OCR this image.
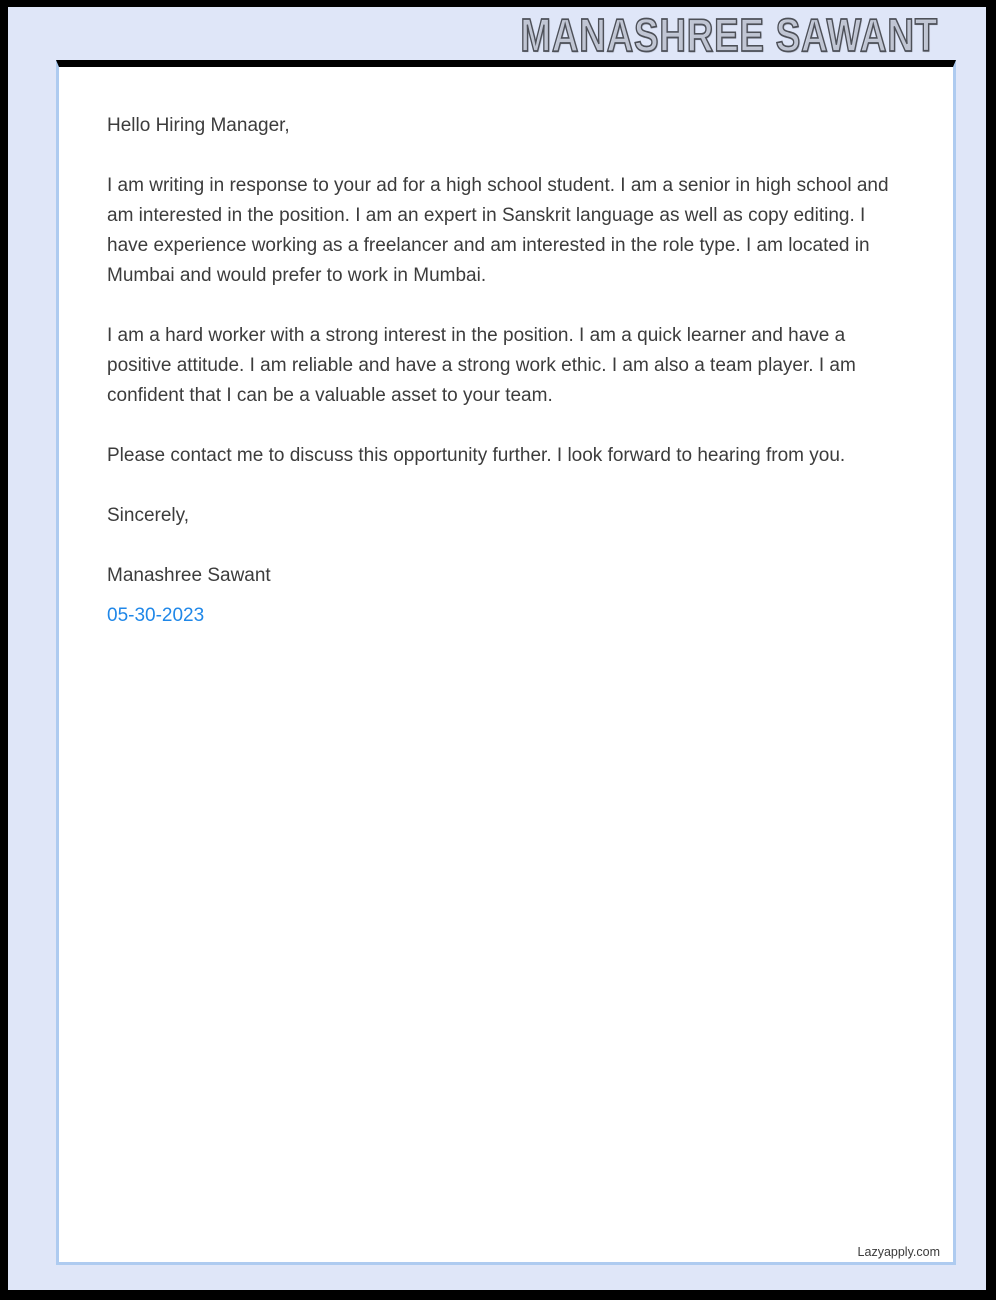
MANASHREE SAWANT

Hello Hiring Manager,

I am writing in response to your ad for a high school student. I am a senior in high school and am interested in the position. I am an expert in Sanskrit language as well as copy editing. I have experience working as a freelancer and am interested in the role type. I am located in Mumbai and would prefer to work in Mumbai.

I am a hard worker with a strong interest in the position. I am a quick learner and have a positive attitude. I am reliable and have a strong work ethic. I am also a team player. I am confident that I can be a valuable asset to your team.

Please contact me to discuss this opportunity further. I look forward to hearing from you.

Sincerely,

Manashree Sawant

05-30-2023

Lazyapply.com
